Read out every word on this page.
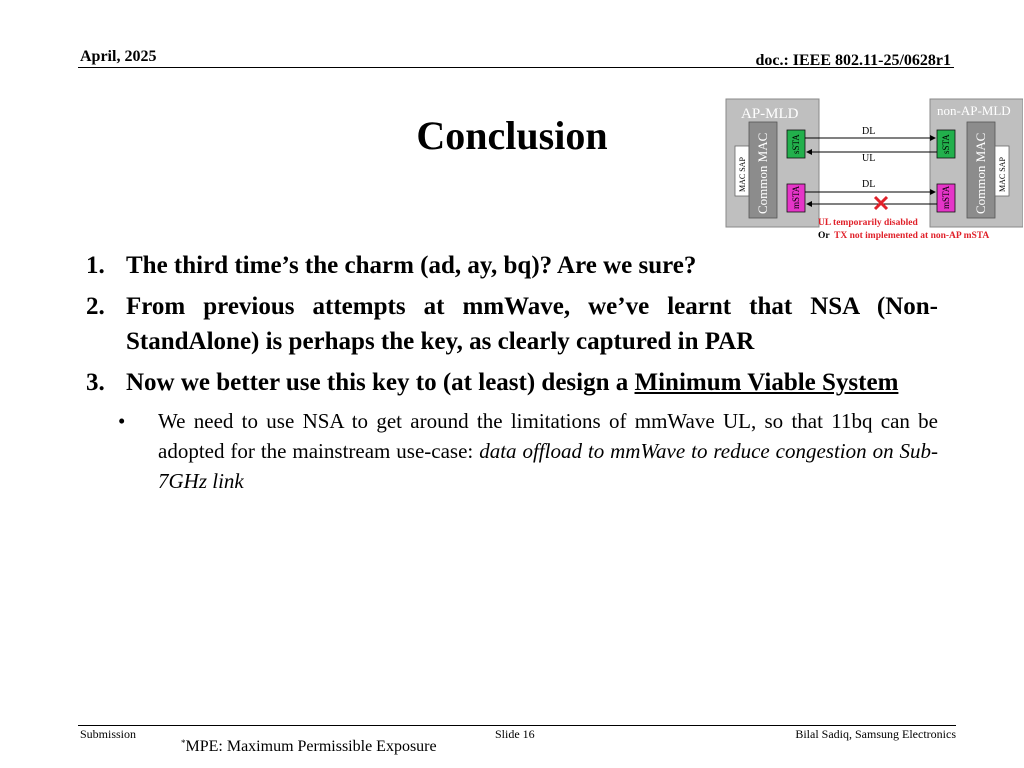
April, 2025	doc.: IEEE 802.11-25/0628r1
Conclusion	AP-MLD	non-AP-MLD
MAC SAP Common MAC sSTA
mSTA
sSTA
mSTA Common MAC MAC SAP
DL
UL
DL
UL temporarily disabled
Or TX not implemented at non-AP mSTA
1. The third time’s the charm (ad, ay, bq)? Are we sure?
2. From previous attempts at mmWave, we’ve learnt that NSA (Non-StandAlone) is perhaps the key, as clearly captured in PAR
3. Now we better use this key to (at least) design a Minimum Viable System
• We need to use NSA to get around the limitations of mmWave UL, so that 11bq can be adopted for the mainstream use-case: data offload to mmWave to reduce congestion on Sub-7GHz link
Submission	Slide 16	Bilal Sadiq, Samsung Electronics
*MPE: Maximum Permissible Exposure
